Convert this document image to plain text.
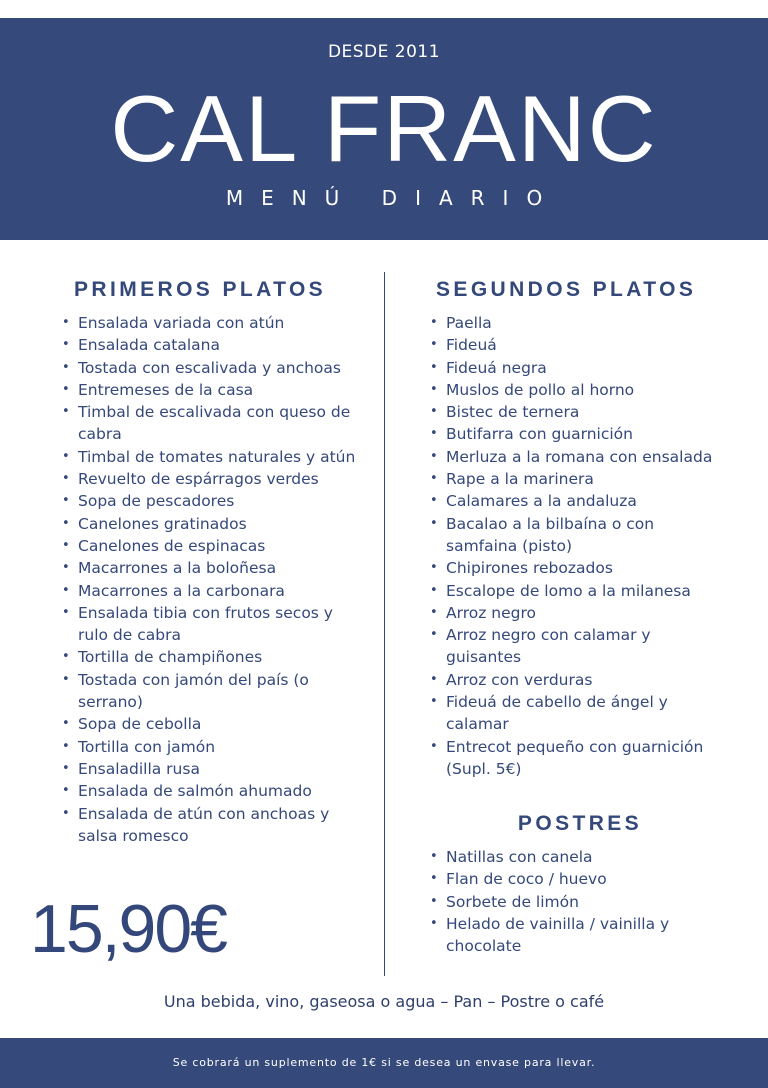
DESDE 2011
CAL FRANC
MENÚ DIARIO
PRIMEROS PLATOS
• Ensalada variada con atún
• Ensalada catalana
• Tostada con escalivada y anchoas
• Entremeses de la casa
• Timbal de escalivada con queso de cabra
• Timbal de tomates naturales y atún
• Revuelto de espárragos verdes
• Sopa de pescadores
• Canelones gratinados
• Canelones de espinacas
• Macarrones a la boloñesa
• Macarrones a la carbonara
• Ensalada tibia con frutos secos y rulo de cabra
• Tortilla de champiñones
• Tostada con jamón del país (o serrano)
• Sopa de cebolla
• Tortilla con jamón
• Ensaladilla rusa
• Ensalada de salmón ahumado
• Ensalada de atún con anchoas y salsa romesco
SEGUNDOS PLATOS
• Paella
• Fideuá
• Fideuá negra
• Muslos de pollo al horno
• Bistec de ternera
• Butifarra con guarnición
• Merluza a la romana con ensalada
• Rape a la marinera
• Calamares a la andaluza
• Bacalao a la bilbaína o con samfaina (pisto)
• Chipirones rebozados
• Escalope de lomo a la milanesa
• Arroz negro
• Arroz negro con calamar y guisantes
• Arroz con verduras
• Fideuá de cabello de ángel y calamar
• Entrecot pequeño con guarnición (Supl. 5€)
POSTRES
• Natillas con canela
• Flan de coco / huevo
• Sorbete de limón
• Helado de vainilla / vainilla y chocolate
15,90€
Una bebida, vino, gaseosa o agua – Pan – Postre o café
Se cobrará un suplemento de 1€ si se desea un envase para llevar.
